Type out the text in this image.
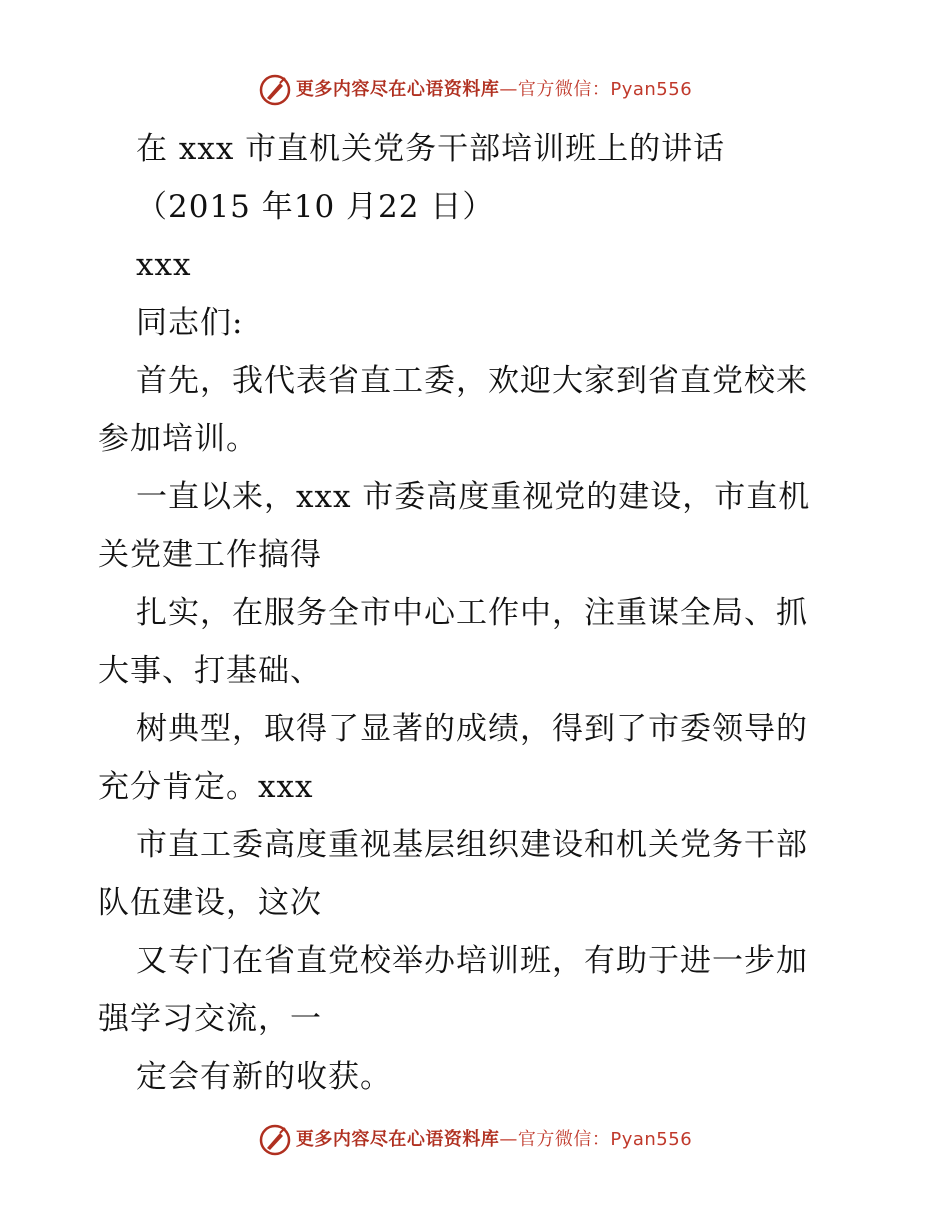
更多内容尽在心语资料库—官方微信：Pyan556
在 xxx 市直机关党务干部培训班上的讲话
（2015 年10 月22 日）
xxx
同志们:
首先，我代表省直工委，欢迎大家到省直党校来
参加培训。
一直以来，xxx 市委高度重视党的建设，市直机
关党建工作搞得
扎实，在服务全市中心工作中，注重谋全局、抓
大事、打基础、
树典型，取得了显著的成绩，得到了市委领导的
充分肯定。xxx
市直工委高度重视基层组织建设和机关党务干部
队伍建设，这次
又专门在省直党校举办培训班，有助于进一步加
强学习交流，一
定会有新的收获。
更多内容尽在心语资料库—官方微信：Pyan556
